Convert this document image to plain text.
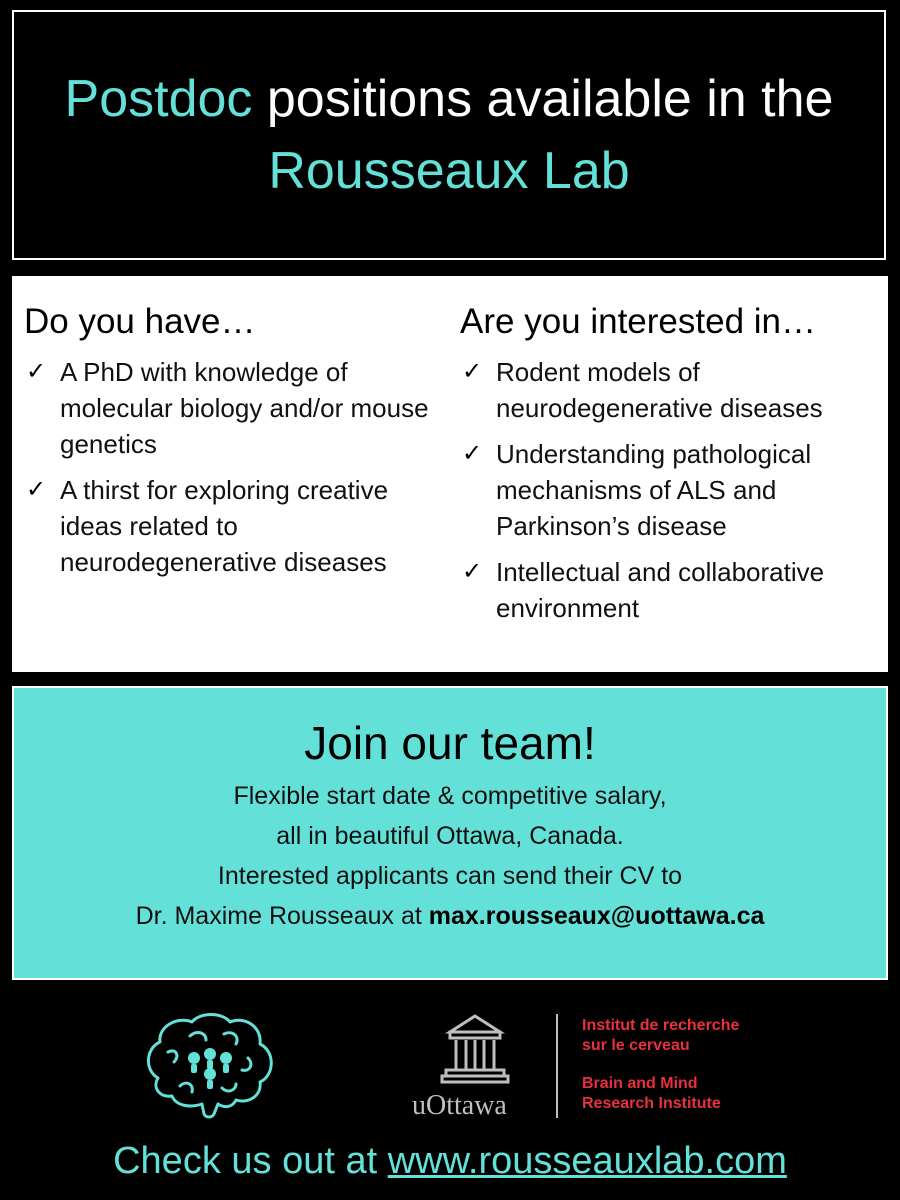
Postdoc positions available in the Rousseaux Lab
Do you have…
✓ A PhD with knowledge of molecular biology and/or mouse genetics
✓ A thirst for exploring creative ideas related to neurodegenerative diseases
Are you interested in…
✓ Rodent models of neurodegenerative diseases
✓ Understanding pathological mechanisms of ALS and Parkinson’s disease
✓ Intellectual and collaborative environment
Join our team!

Flexible start date & competitive salary,

all in beautiful Ottawa, Canada.

Interested applicants can send their CV to

Dr. Maxime Rousseaux at max.rousseaux@uottawa.ca

uOttawa

Institut de recherche

sur le cerveau

Brain and Mind

Research Institute

Check us out at www.rousseauxlab.com
